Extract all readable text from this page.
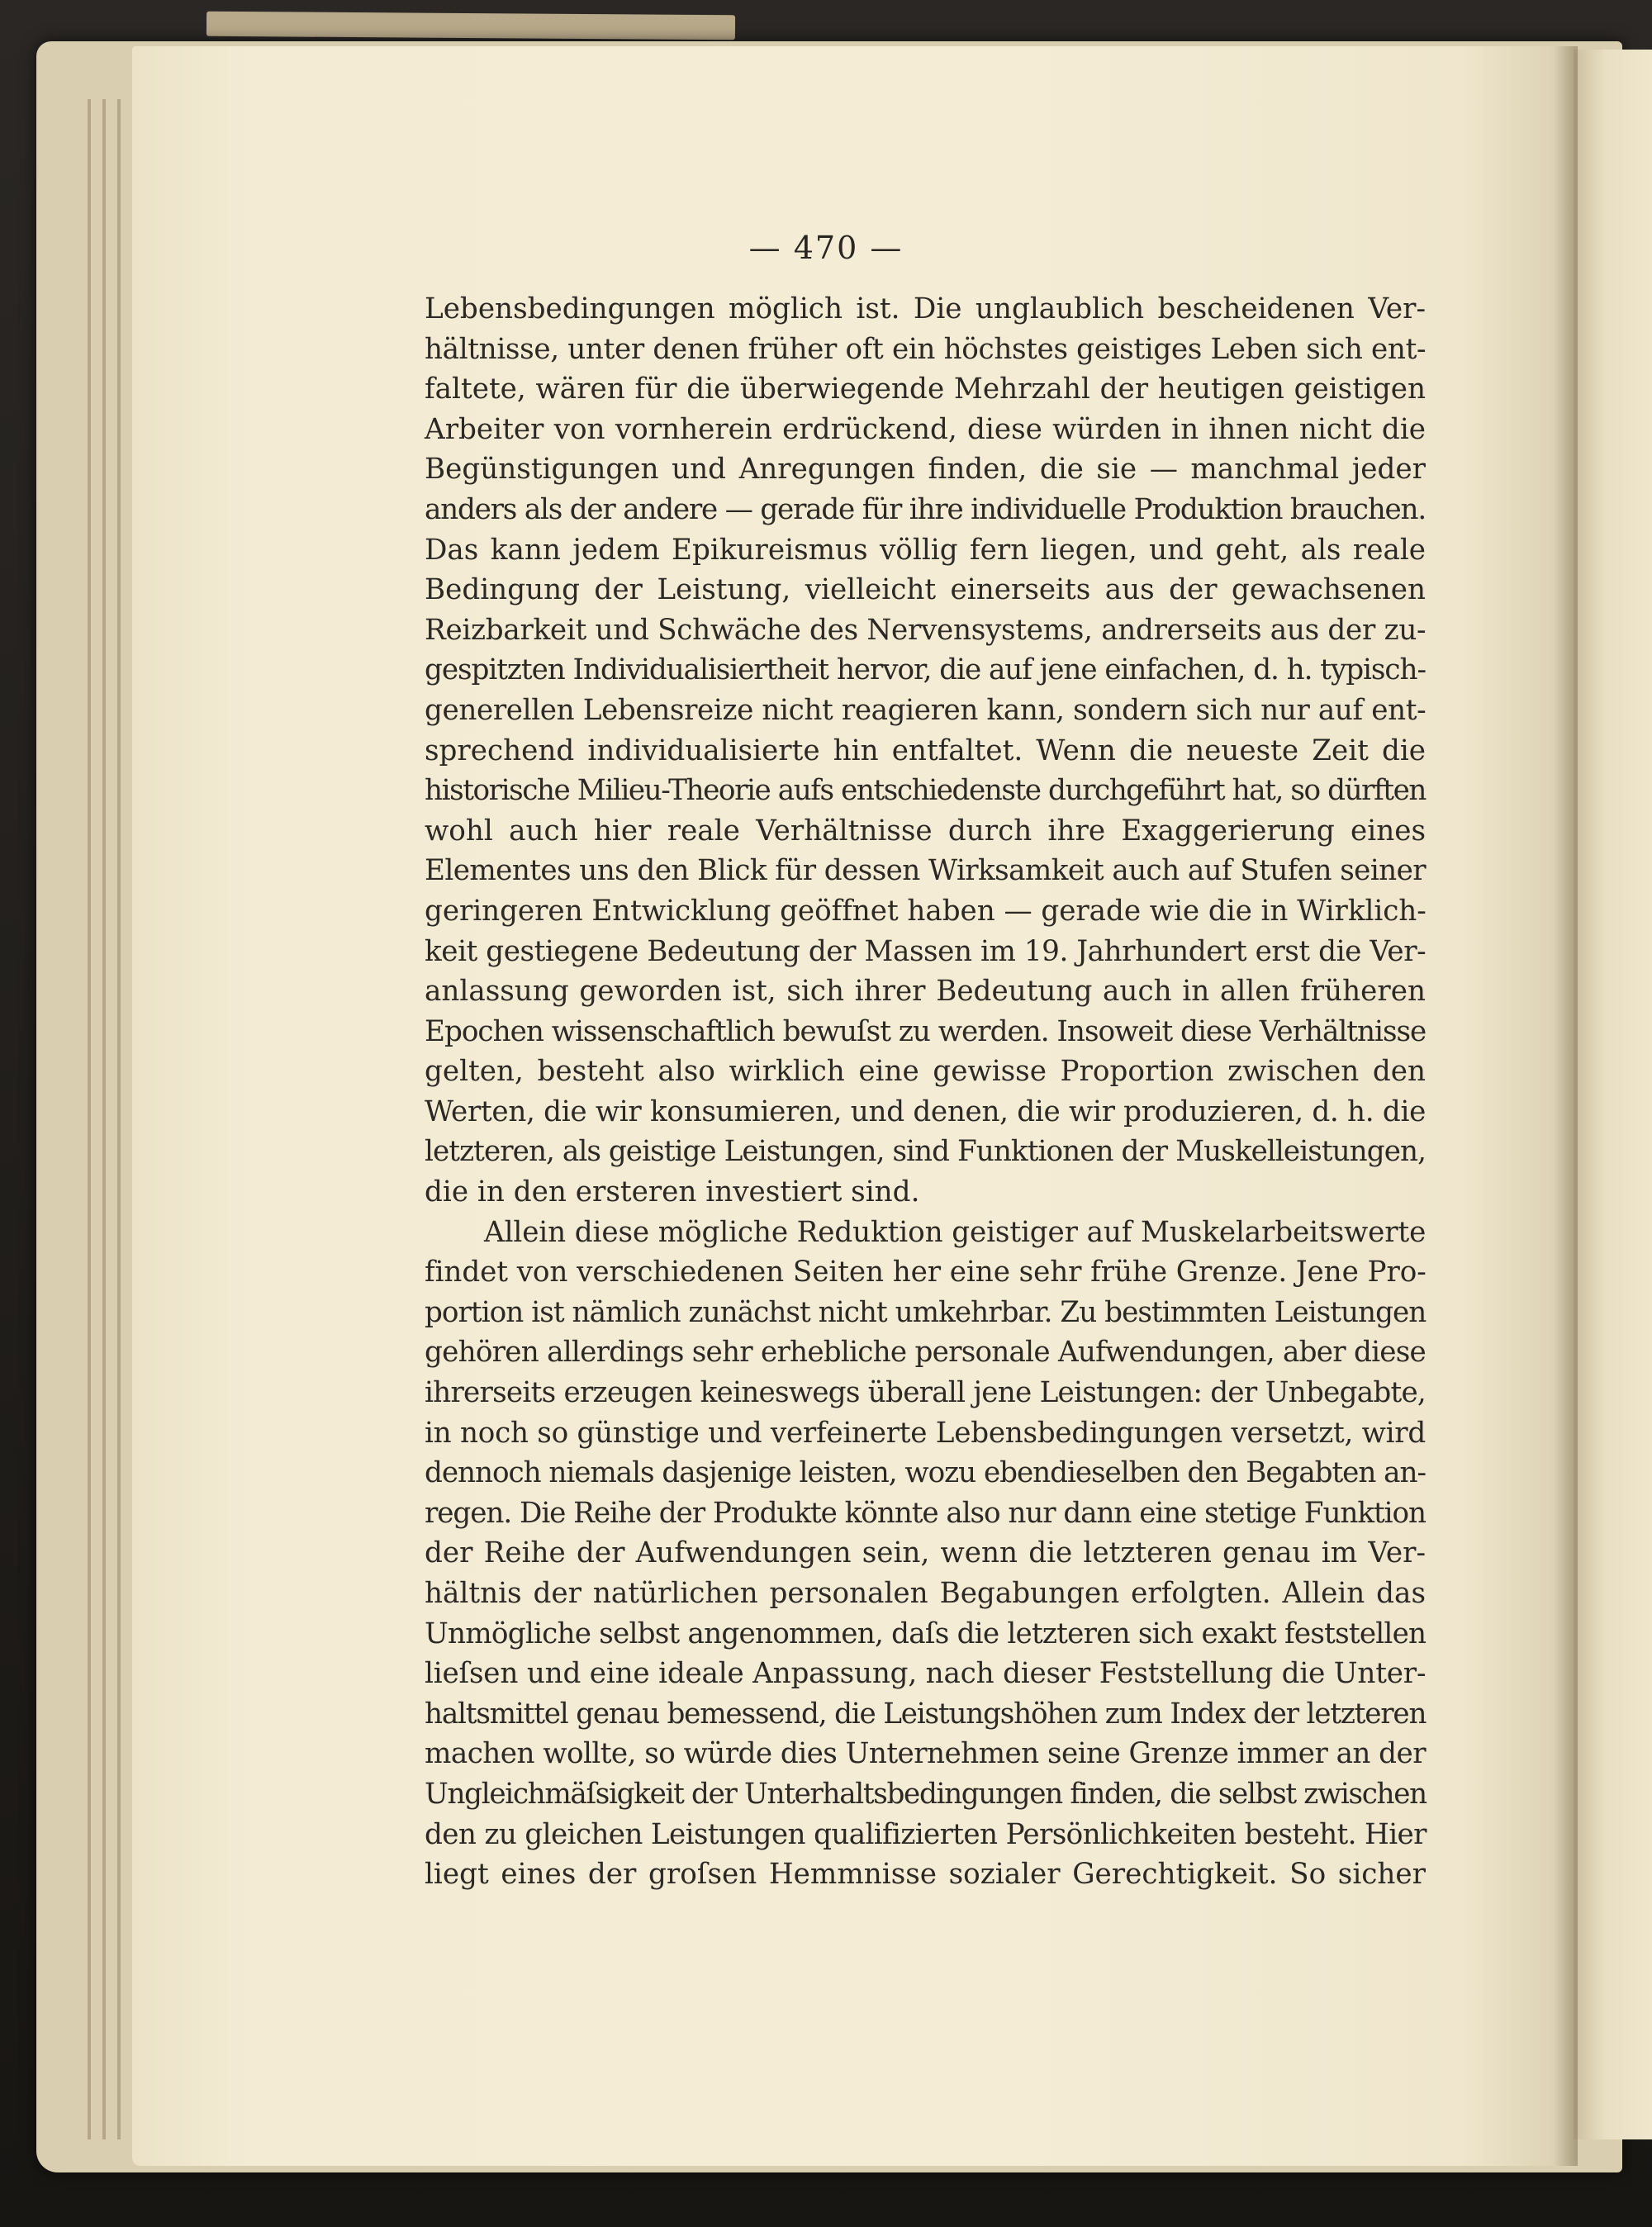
— 470 —
Lebensbedingungen möglich ist. Die unglaublich bescheidenen Ver-
hältnisse, unter denen früher oft ein höchstes geistiges Leben sich ent-
faltete, wären für die überwiegende Mehrzahl der heutigen geistigen
Arbeiter von vornherein erdrückend, diese würden in ihnen nicht die
Begünstigungen und Anregungen finden, die sie — manchmal jeder
anders als der andere — gerade für ihre individuelle Produktion brauchen.
Das kann jedem Epikureismus völlig fern liegen, und geht, als reale
Bedingung der Leistung, vielleicht einerseits aus der gewachsenen
Reizbarkeit und Schwäche des Nervensystems, andrerseits aus der zu-
gespitzten Individualisiertheit hervor, die auf jene einfachen, d. h. typisch-
generellen Lebensreize nicht reagieren kann, sondern sich nur auf ent-
sprechend individualisierte hin entfaltet. Wenn die neueste Zeit die
historische Milieu-Theorie aufs entschiedenste durchgeführt hat, so dürften
wohl auch hier reale Verhältnisse durch ihre Exaggerierung eines
Elementes uns den Blick für dessen Wirksamkeit auch auf Stufen seiner
geringeren Entwicklung geöffnet haben — gerade wie die in Wirklich-
keit gestiegene Bedeutung der Massen im 19. Jahrhundert erst die Ver-
anlassung geworden ist, sich ihrer Bedeutung auch in allen früheren
Epochen wissenschaftlich bewuſst zu werden. Insoweit diese Verhältnisse
gelten, besteht also wirklich eine gewisse Proportion zwischen den
Werten, die wir konsumieren, und denen, die wir produzieren, d. h. die
letzteren, als geistige Leistungen, sind Funktionen der Muskelleistungen,
die in den ersteren investiert sind.
Allein diese mögliche Reduktion geistiger auf Muskelarbeitswerte
findet von verschiedenen Seiten her eine sehr frühe Grenze. Jene Pro-
portion ist nämlich zunächst nicht umkehrbar. Zu bestimmten Leistungen
gehören allerdings sehr erhebliche personale Aufwendungen, aber diese
ihrerseits erzeugen keineswegs überall jene Leistungen: der Unbegabte,
in noch so günstige und verfeinerte Lebensbedingungen versetzt, wird
dennoch niemals dasjenige leisten, wozu ebendieselben den Begabten an-
regen. Die Reihe der Produkte könnte also nur dann eine stetige Funktion
der Reihe der Aufwendungen sein, wenn die letzteren genau im Ver-
hältnis der natürlichen personalen Begabungen erfolgten. Allein das
Unmögliche selbst angenommen, daſs die letzteren sich exakt feststellen
lieſsen und eine ideale Anpassung, nach dieser Feststellung die Unter-
haltsmittel genau bemessend, die Leistungshöhen zum Index der letzteren
machen wollte, so würde dies Unternehmen seine Grenze immer an der
Ungleichmäſsigkeit der Unterhaltsbedingungen finden, die selbst zwischen
den zu gleichen Leistungen qualifizierten Persönlichkeiten besteht. Hier
liegt eines der groſsen Hemmnisse sozialer Gerechtigkeit. So sicher
